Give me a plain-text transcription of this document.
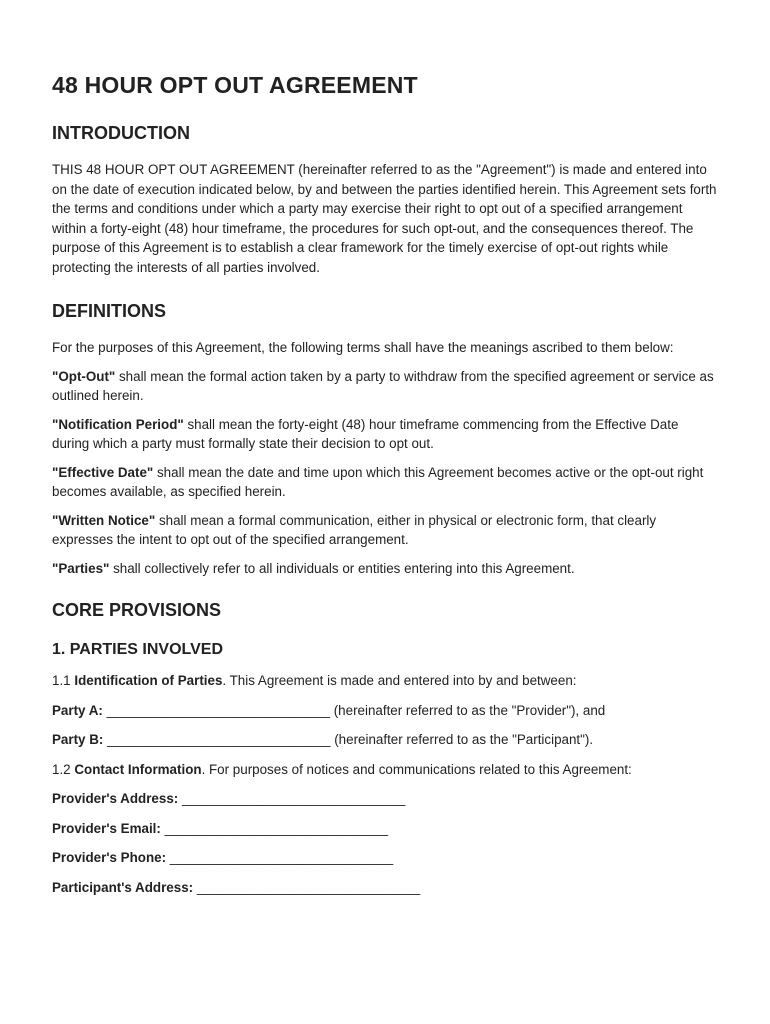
48 HOUR OPT OUT AGREEMENT
INTRODUCTION

THIS 48 HOUR OPT OUT AGREEMENT (hereinafter referred to as the "Agreement") is made and entered into on the date of execution indicated below, by and between the parties identified herein. This Agreement sets forth the terms and conditions under which a party may exercise their right to opt out of a specified arrangement within a forty-eight (48) hour timeframe, the procedures for such opt-out, and the consequences thereof. The purpose of this Agreement is to establish a clear framework for the timely exercise of opt-out rights while protecting the interests of all parties involved.

DEFINITIONS

For the purposes of this Agreement, the following terms shall have the meanings ascribed to them below:

"Opt-Out" shall mean the formal action taken by a party to withdraw from the specified agreement or service as outlined herein.

"Notification Period" shall mean the forty-eight (48) hour timeframe commencing from the Effective Date during which a party must formally state their decision to opt out.

"Effective Date" shall mean the date and time upon which this Agreement becomes active or the opt-out right becomes available, as specified herein.

"Written Notice" shall mean a formal communication, either in physical or electronic form, that clearly expresses the intent to opt out of the specified arrangement.

"Parties" shall collectively refer to all individuals or entities entering into this Agreement.

CORE PROVISIONS
1. PARTIES INVOLVED

1.1 Identification of Parties. This Agreement is made and entered into by and between:

Party A: ______________________________ (hereinafter referred to as the "Provider"), and

Party B: ______________________________ (hereinafter referred to as the "Participant").

1.2 Contact Information. For purposes of notices and communications related to this Agreement:

Provider's Address: ______________________________

Provider's Email: ______________________________

Provider's Phone: ______________________________

Participant's Address: ______________________________
